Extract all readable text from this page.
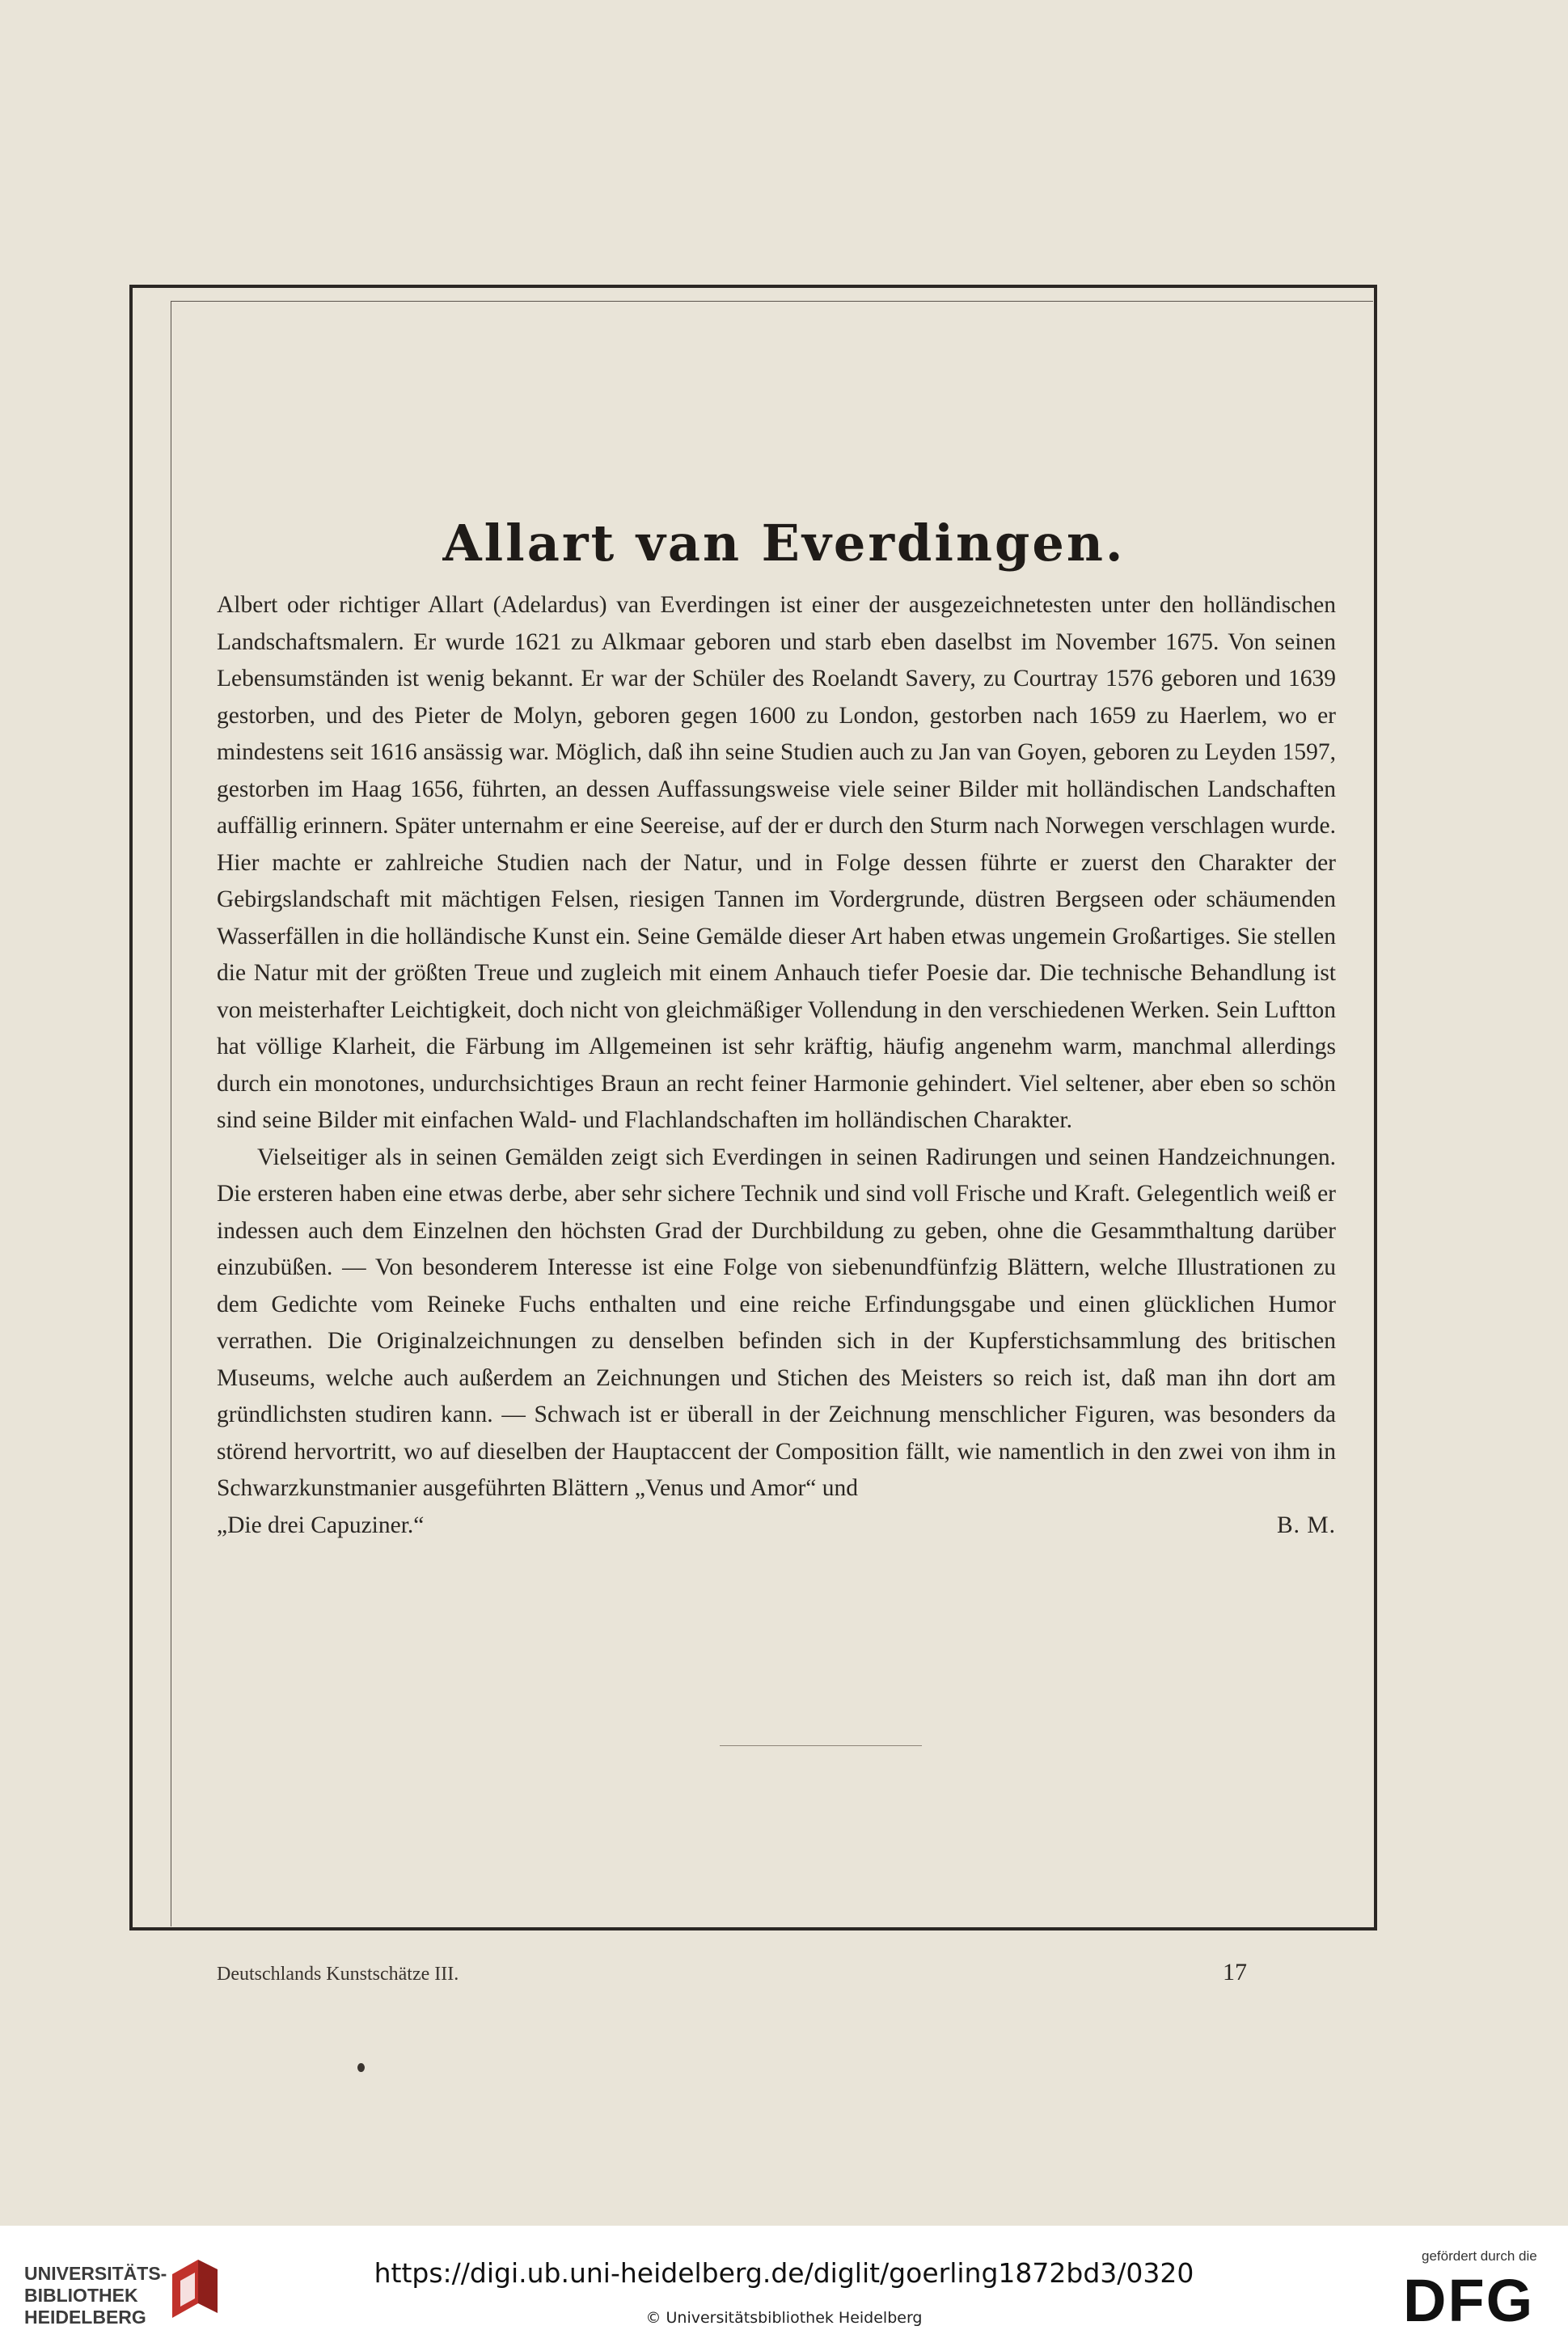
Allart van Everdingen.

Albert oder richtiger Allart (Adelardus) van Everdingen ist einer der ausgezeichnetesten unter den holländischen Landschaftsmalern. Er wurde 1621 zu Alkmaar geboren und starb eben daselbst im November 1675. Von seinen Lebensumständen ist wenig bekannt. Er war der Schüler des Roelandt Savery, zu Courtray 1576 geboren und 1639 gestorben, und des Pieter de Molyn, geboren gegen 1600 zu London, gestorben nach 1659 zu Haerlem, wo er mindestens seit 1616 ansässig war. Möglich, daß ihn seine Studien auch zu Jan van Goyen, geboren zu Leyden 1597, gestorben im Haag 1656, führten, an dessen Auffassungsweise viele seiner Bilder mit holländischen Landschaften auffällig erinnern. Später unternahm er eine Seereise, auf der er durch den Sturm nach Norwegen verschlagen wurde. Hier machte er zahlreiche Studien nach der Natur, und in Folge dessen führte er zuerst den Charakter der Gebirgslandschaft mit mächtigen Felsen, riesigen Tannen im Vordergrunde, düstren Bergseen oder schäumenden Wasserfällen in die holländische Kunst ein. Seine Gemälde dieser Art haben etwas ungemein Großartiges. Sie stellen die Natur mit der größten Treue und zugleich mit einem Anhauch tiefer Poesie dar. Die technische Behandlung ist von meisterhafter Leichtigkeit, doch nicht von gleichmäßiger Vollendung in den verschiedenen Werken. Sein Luftton hat völlige Klarheit, die Färbung im Allgemeinen ist sehr kräftig, häufig angenehm warm, manchmal allerdings durch ein monotones, undurchsichtiges Braun an recht feiner Harmonie gehindert. Viel seltener, aber eben so schön sind seine Bilder mit einfachen Wald- und Flachlandschaften im holländischen Charakter.

Vielseitiger als in seinen Gemälden zeigt sich Everdingen in seinen Radirungen und seinen Handzeichnungen. Die ersteren haben eine etwas derbe, aber sehr sichere Technik und sind voll Frische und Kraft. Gelegentlich weiß er indessen auch dem Einzelnen den höchsten Grad der Durchbildung zu geben, ohne die Gesammthaltung darüber einzubüßen. — Von besonderem Interesse ist eine Folge von siebenundfünfzig Blättern, welche Illustrationen zu dem Gedichte vom Reineke Fuchs enthalten und eine reiche Erfindungsgabe und einen glücklichen Humor verrathen. Die Originalzeichnungen zu denselben befinden sich in der Kupferstichsammlung des britischen Museums, welche auch außerdem an Zeichnungen und Stichen des Meisters so reich ist, daß man ihn dort am gründlichsten studiren kann. — Schwach ist er überall in der Zeichnung menschlicher Figuren, was besonders da störend hervortritt, wo auf dieselben der Hauptaccent der Composition fällt, wie namentlich in den zwei von ihm in Schwarzkunstmanier ausgeführten Blättern „Venus und Amor“ und

„Die drei Capuziner.“	B. M.
Deutschlands Kunstschätze III.	17
UNIVERSITÄTS-
BIBLIOTHEK
HEIDELBERG
https://digi.ub.uni-heidelberg.de/diglit/goerling1872bd3/0320
© Universitätsbibliothek Heidelberg
gefördert durch die
DFG
